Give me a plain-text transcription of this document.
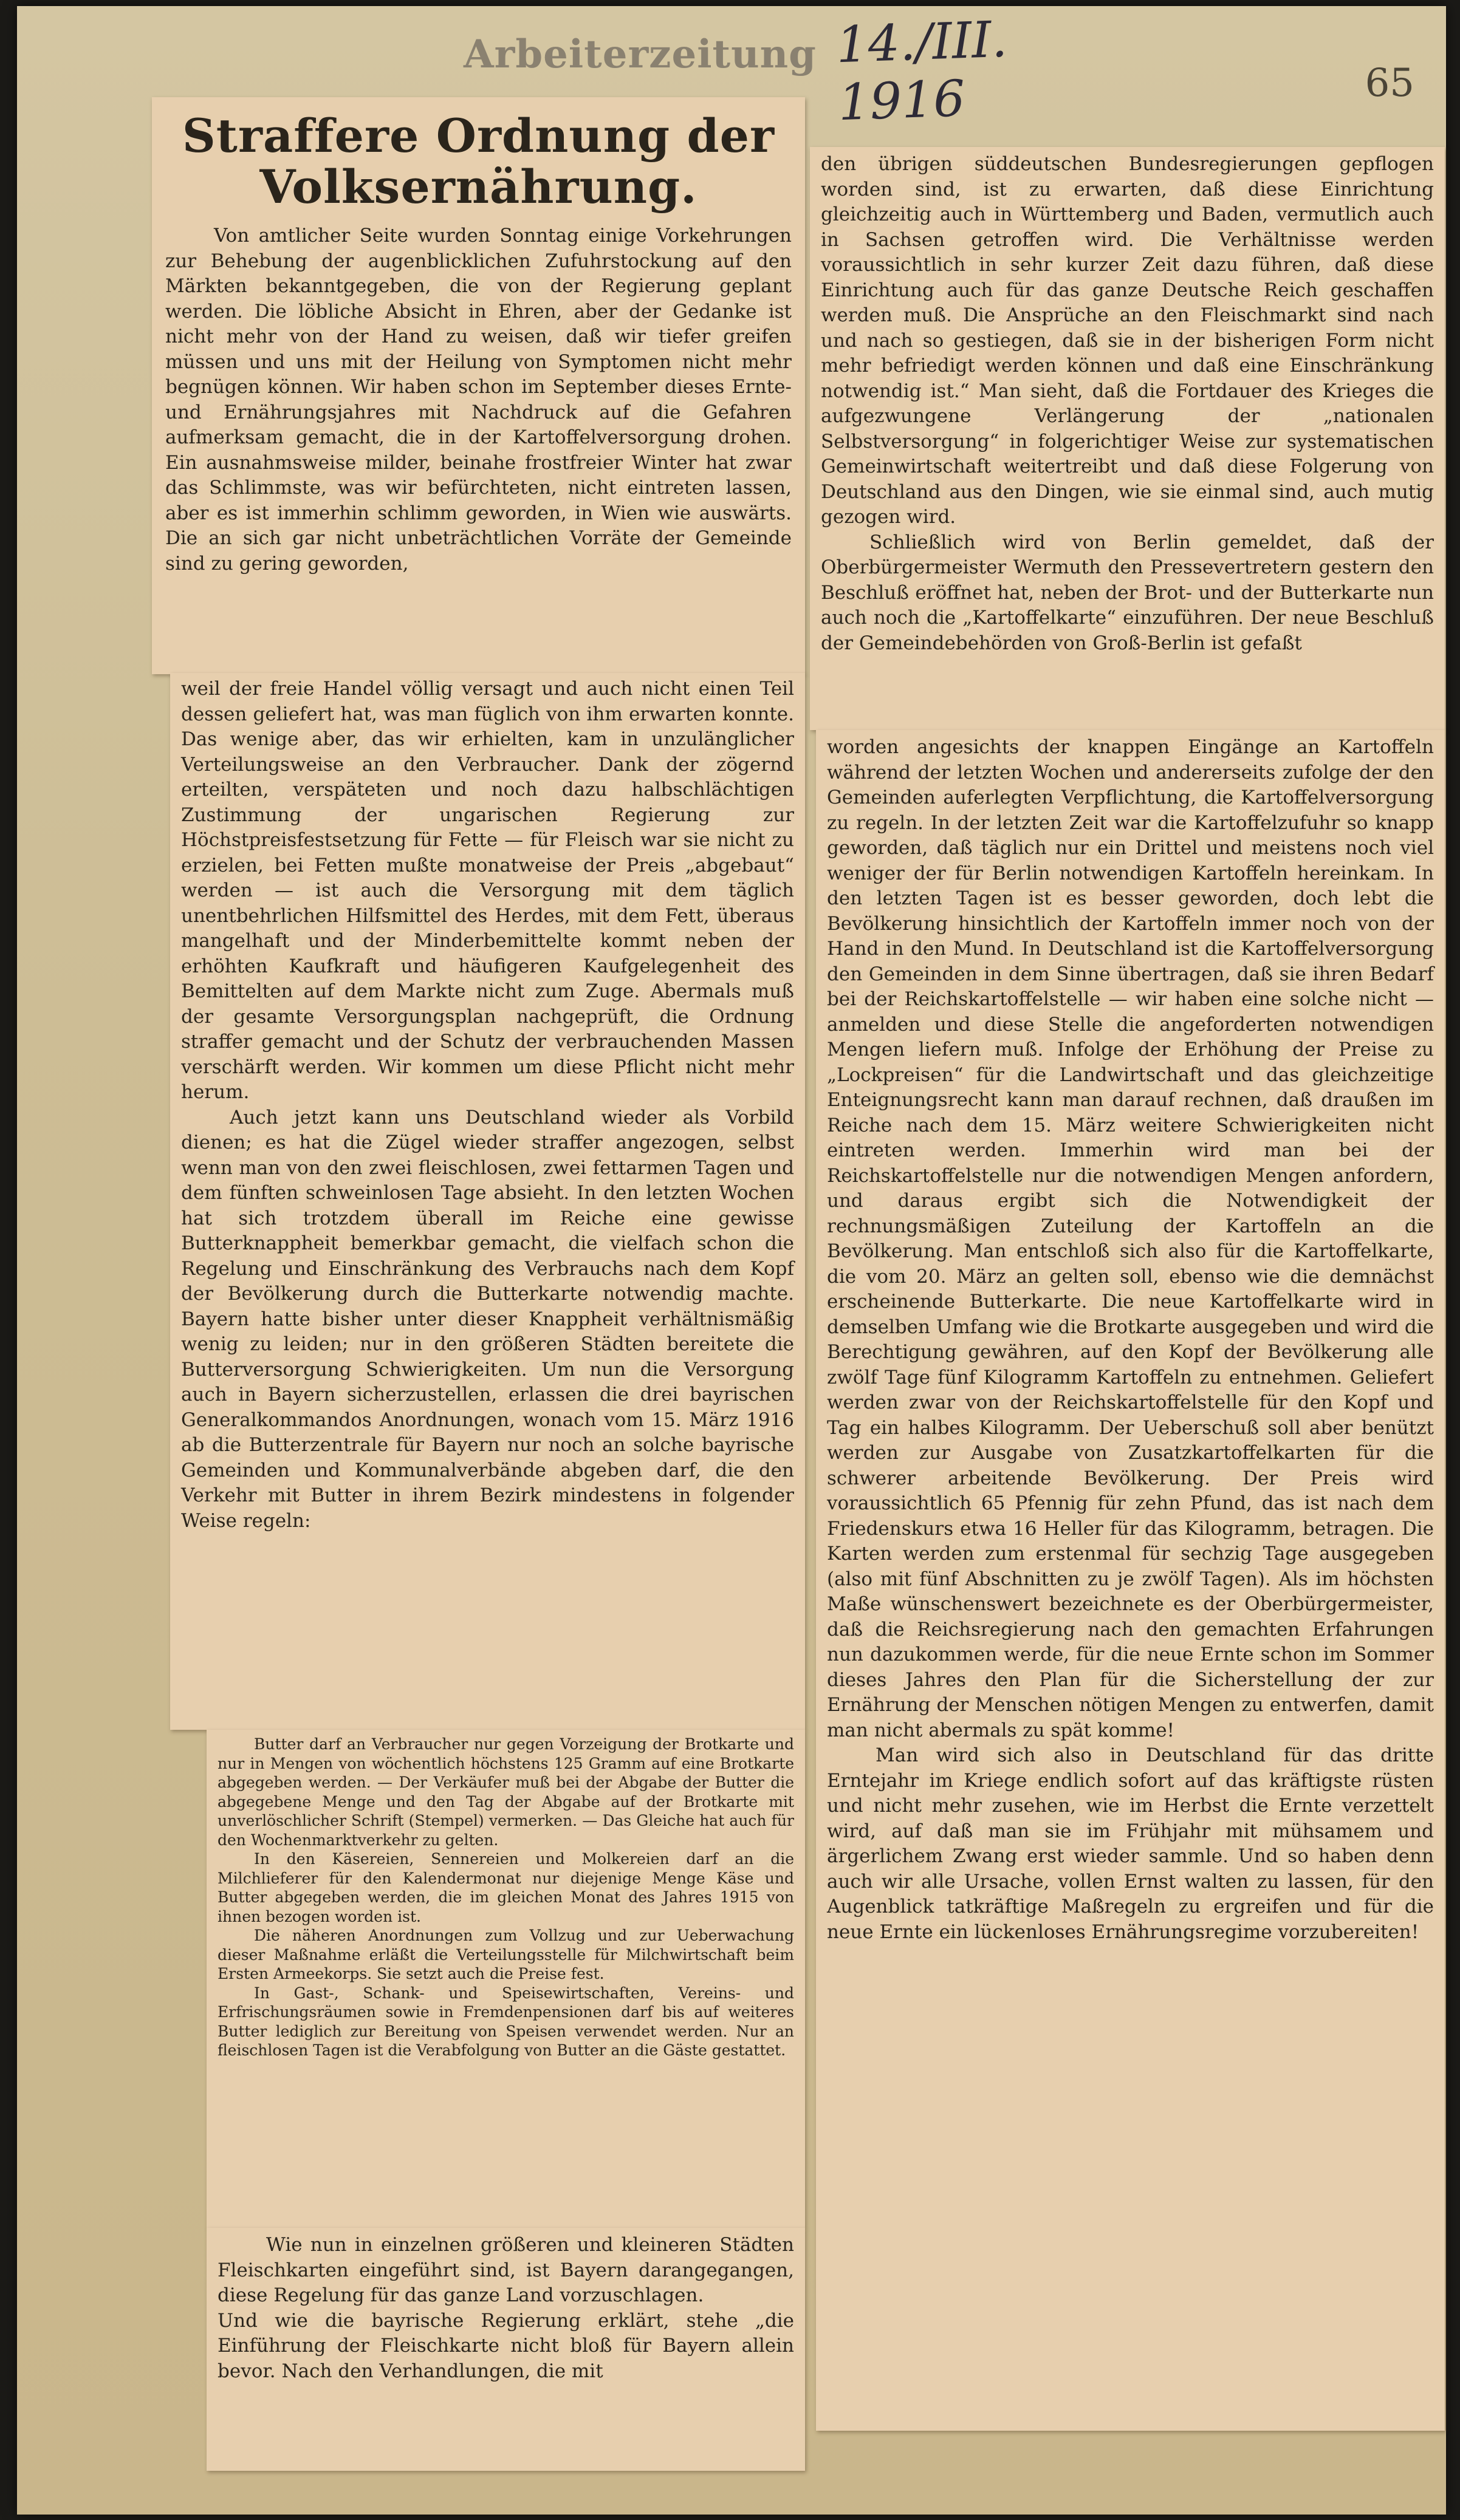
Arbeiterzeitung 14./III. 1916	65
Straffere Ordnung der Volksernährung.

Von amtlicher Seite wurden Sonntag einige Vorkehrungen zur Behebung der augenblicklichen Zufuhrstockung auf den Märkten bekanntgegeben, die von der Regierung geplant werden. Die löbliche Absicht in Ehren, aber der Gedanke ist nicht mehr von der Hand zu weisen, daß wir tiefer greifen müssen und uns mit der Heilung von Symptomen nicht mehr begnügen können. Wir haben schon im September dieses Ernte- und Ernährungsjahres mit Nachdruck auf die Gefahren aufmerksam gemacht, die in der Kartoffelversorgung drohen. Ein ausnahmsweise milder, beinahe frostfreier Winter hat zwar das Schlimmste, was wir befürchteten, nicht eintreten lassen, aber es ist immerhin schlimm geworden, in Wien wie auswärts. Die an sich gar nicht unbeträchtlichen Vorräte der Gemeinde sind zu gering geworden,

weil der freie Handel völlig versagt und auch nicht einen Teil dessen geliefert hat, was man füglich von ihm erwarten konnte. Das wenige aber, das wir erhielten, kam in unzulänglicher Verteilungsweise an den Verbraucher. Dank der zögernd erteilten, verspäteten und noch dazu halbschlächtigen Zustimmung der ungarischen Regierung zur Höchstpreisfestsetzung für Fette — für Fleisch war sie nicht zu erzielen, bei Fetten mußte monatweise der Preis „abgebaut“ werden — ist auch die Versorgung mit dem täglich unentbehrlichen Hilfsmittel des Herdes, mit dem Fett, überaus mangelhaft und der Minderbemittelte kommt neben der erhöhten Kaufkraft und häufigeren Kaufgelegenheit des Bemittelten auf dem Markte nicht zum Zuge. Abermals muß der gesamte Versorgungsplan nachgeprüft, die Ordnung straffer gemacht und der Schutz der verbrauchenden Massen verschärft werden. Wir kommen um diese Pflicht nicht mehr herum.

Auch jetzt kann uns Deutschland wieder als Vorbild dienen; es hat die Zügel wieder straffer angezogen, selbst wenn man von den zwei fleischlosen, zwei fettarmen Tagen und dem fünften schweinlosen Tage absieht. In den letzten Wochen hat sich trotzdem überall im Reiche eine gewisse Butterknappheit bemerkbar gemacht, die vielfach schon die Regelung und Einschränkung des Verbrauchs nach dem Kopf der Bevölkerung durch die Butterkarte notwendig machte. Bayern hatte bisher unter dieser Knappheit verhältnismäßig wenig zu leiden; nur in den größeren Städten bereitete die Butterversorgung Schwierigkeiten. Um nun die Versorgung auch in Bayern sicherzustellen, erlassen die drei bayrischen Generalkommandos Anordnungen, wonach vom 15. März 1916 ab die Butterzentrale für Bayern nur noch an solche bayrische Gemeinden und Kommunalverbände abgeben darf, die den Verkehr mit Butter in ihrem Bezirk mindestens in folgender Weise regeln:

Butter darf an Verbraucher nur gegen Vorzeigung der Brotkarte und nur in Mengen von wöchentlich höchstens 125 Gramm auf eine Brotkarte abgegeben werden. — Der Verkäufer muß bei der Abgabe der Butter die abgegebene Menge und den Tag der Abgabe auf der Brotkarte mit unverlöschlicher Schrift (Stempel) vermerken. — Das Gleiche hat auch für den Wochenmarktverkehr zu gelten.

In den Käsereien, Sennereien und Molkereien darf an die Milchlieferer für den Kalendermonat nur diejenige Menge Käse und Butter abgegeben werden, die im gleichen Monat des Jahres 1915 von ihnen bezogen worden ist.

Die näheren Anordnungen zum Vollzug und zur Ueberwachung dieser Maßnahme erläßt die Verteilungsstelle für Milchwirtschaft beim Ersten Armeekorps. Sie setzt auch die Preise fest.

In Gast-, Schank- und Speisewirtschaften, Vereins- und Erfrischungsräumen sowie in Fremdenpensionen darf bis auf weiteres Butter lediglich zur Bereitung von Speisen verwendet werden. Nur an fleischlosen Tagen ist die Verabfolgung von Butter an die Gäste gestattet.

Wie nun in einzelnen größeren und kleineren Städten Fleischkarten eingeführt sind, ist Bayern darangegangen, diese Regelung für das ganze Land vorzuschlagen.

Und wie die bayrische Regierung erklärt, stehe „die Einführung der Fleischkarte nicht bloß für Bayern allein bevor. Nach den Verhandlungen, die mit

den übrigen süddeutschen Bundesregierungen gepflogen worden sind, ist zu erwarten, daß diese Einrichtung gleichzeitig auch in Württemberg und Baden, vermutlich auch in Sachsen getroffen wird. Die Verhältnisse werden voraussichtlich in sehr kurzer Zeit dazu führen, daß diese Einrichtung auch für das ganze Deutsche Reich geschaffen werden muß. Die Ansprüche an den Fleischmarkt sind nach und nach so gestiegen, daß sie in der bisherigen Form nicht mehr befriedigt werden können und daß eine Einschränkung notwendig ist.“ Man sieht, daß die Fortdauer des Krieges die aufgezwungene Verlängerung der „nationalen Selbstversorgung“ in folgerichtiger Weise zur systematischen Gemeinwirtschaft weitertreibt und daß diese Folgerung von Deutschland aus den Dingen, wie sie einmal sind, auch mutig gezogen wird.

Schließlich wird von Berlin gemeldet, daß der Oberbürgermeister Wermuth den Pressevertretern gestern den Beschluß eröffnet hat, neben der Brot- und der Butterkarte nun auch noch die „Kartoffelkarte“ einzuführen. Der neue Beschluß der Gemeindebehörden von Groß-Berlin ist gefaßt

worden angesichts der knappen Eingänge an Kartoffeln während der letzten Wochen und andererseits zufolge der den Gemeinden auferlegten Verpflichtung, die Kartoffelversorgung zu regeln. In der letzten Zeit war die Kartoffelzufuhr so knapp geworden, daß täglich nur ein Drittel und meistens noch viel weniger der für Berlin notwendigen Kartoffeln hereinkam. In den letzten Tagen ist es besser geworden, doch lebt die Bevölkerung hinsichtlich der Kartoffeln immer noch von der Hand in den Mund. In Deutschland ist die Kartoffelversorgung den Gemeinden in dem Sinne übertragen, daß sie ihren Bedarf bei der Reichskartoffelstelle — wir haben eine solche nicht — anmelden und diese Stelle die angeforderten notwendigen Mengen liefern muß. Infolge der Erhöhung der Preise zu „Lockpreisen“ für die Landwirtschaft und das gleichzeitige Enteignungsrecht kann man darauf rechnen, daß draußen im Reiche nach dem 15. März weitere Schwierigkeiten nicht eintreten werden. Immerhin wird man bei der Reichskartoffelstelle nur die notwendigen Mengen anfordern, und daraus ergibt sich die Notwendigkeit der rechnungsmäßigen Zuteilung der Kartoffeln an die Bevölkerung. Man entschloß sich also für die Kartoffelkarte, die vom 20. März an gelten soll, ebenso wie die demnächst erscheinende Butterkarte. Die neue Kartoffelkarte wird in demselben Umfang wie die Brotkarte ausgegeben und wird die Berechtigung gewähren, auf den Kopf der Bevölkerung alle zwölf Tage fünf Kilogramm Kartoffeln zu entnehmen. Geliefert werden zwar von der Reichskartoffelstelle für den Kopf und Tag ein halbes Kilogramm. Der Ueberschuß soll aber benützt werden zur Ausgabe von Zusatzkartoffelkarten für die schwerer arbeitende Bevölkerung. Der Preis wird voraussichtlich 65 Pfennig für zehn Pfund, das ist nach dem Friedenskurs etwa 16 Heller für das Kilogramm, betragen. Die Karten werden zum erstenmal für sechzig Tage ausgegeben (also mit fünf Abschnitten zu je zwölf Tagen). Als im höchsten Maße wünschenswert bezeichnete es der Oberbürgermeister, daß die Reichsregierung nach den gemachten Erfahrungen nun dazukommen werde, für die neue Ernte schon im Sommer dieses Jahres den Plan für die Sicherstellung der zur Ernährung der Menschen nötigen Mengen zu entwerfen, damit man nicht abermals zu spät komme!

Man wird sich also in Deutschland für das dritte Erntejahr im Kriege endlich sofort auf das kräftigste rüsten und nicht mehr zusehen, wie im Herbst die Ernte verzettelt wird, auf daß man sie im Frühjahr mit mühsamem und ärgerlichem Zwang erst wieder sammle. Und so haben denn auch wir alle Ursache, vollen Ernst walten zu lassen, für den Augenblick tatkräftige Maßregeln zu ergreifen und für die neue Ernte ein lückenloses Ernährungsregime vorzubereiten!
